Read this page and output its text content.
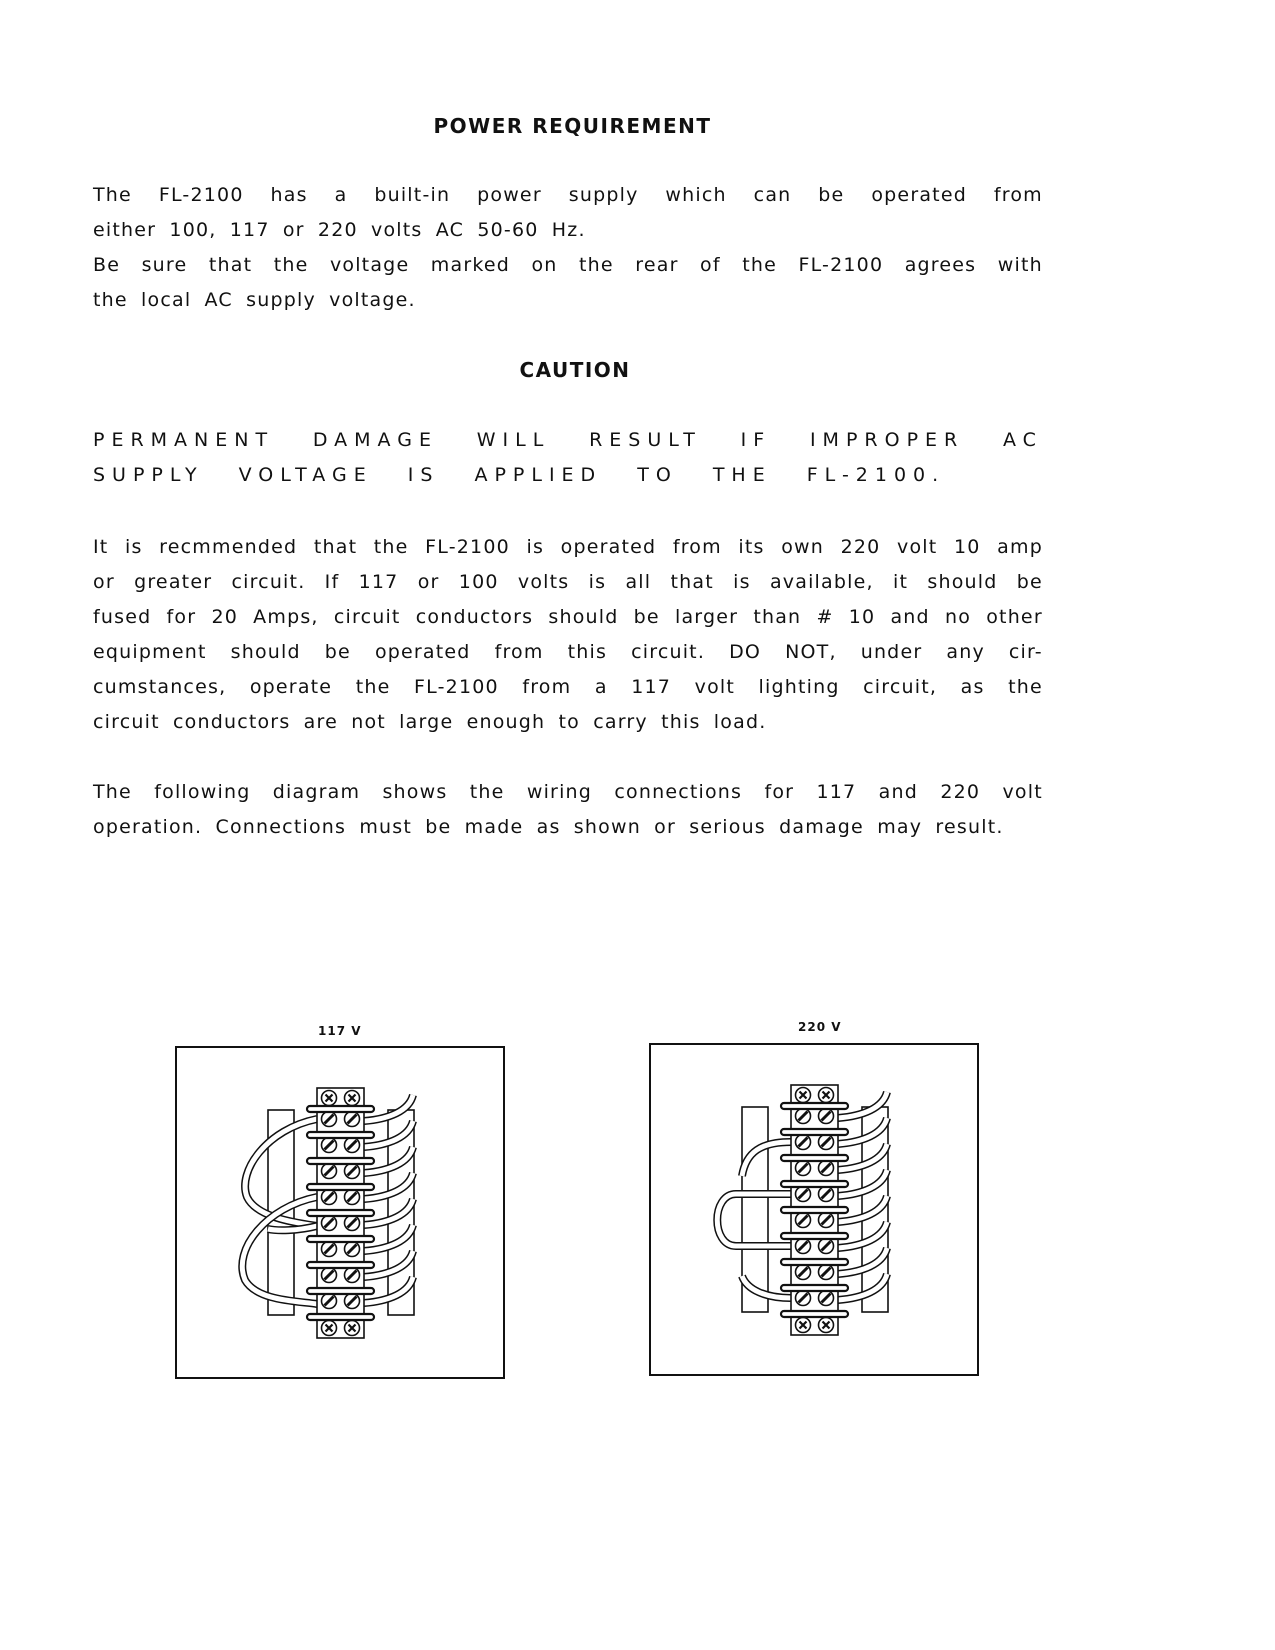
POWER REQUIREMENT
The FL-2100 has a built-in power supply which can be operated from
either 100, 117 or 220 volts AC 50-60 Hz.
Be sure that the voltage marked on the rear of the FL-2100 agrees with
the local AC supply voltage.
CAUTION
PERMANENT DAMAGE WILL RESULT IF IMPROPER AC
SUPPLY VOLTAGE IS APPLIED TO THE FL-2100.
It is recmmended that the FL-2100 is operated from its own 220 volt 10 amp
or greater circuit. If 117 or 100 volts is all that is available, it should be
fused for 20 Amps, circuit conductors should be larger than # 10 and no other
equipment should be operated from this circuit. DO NOT, under any cir-
cumstances, operate the FL-2100 from a 117 volt lighting circuit, as the
circuit conductors are not large enough to carry this load.
The following diagram shows the wiring connections for 117 and 220 volt
operation. Connections must be made as shown or serious damage may result.
117 V	220 V
